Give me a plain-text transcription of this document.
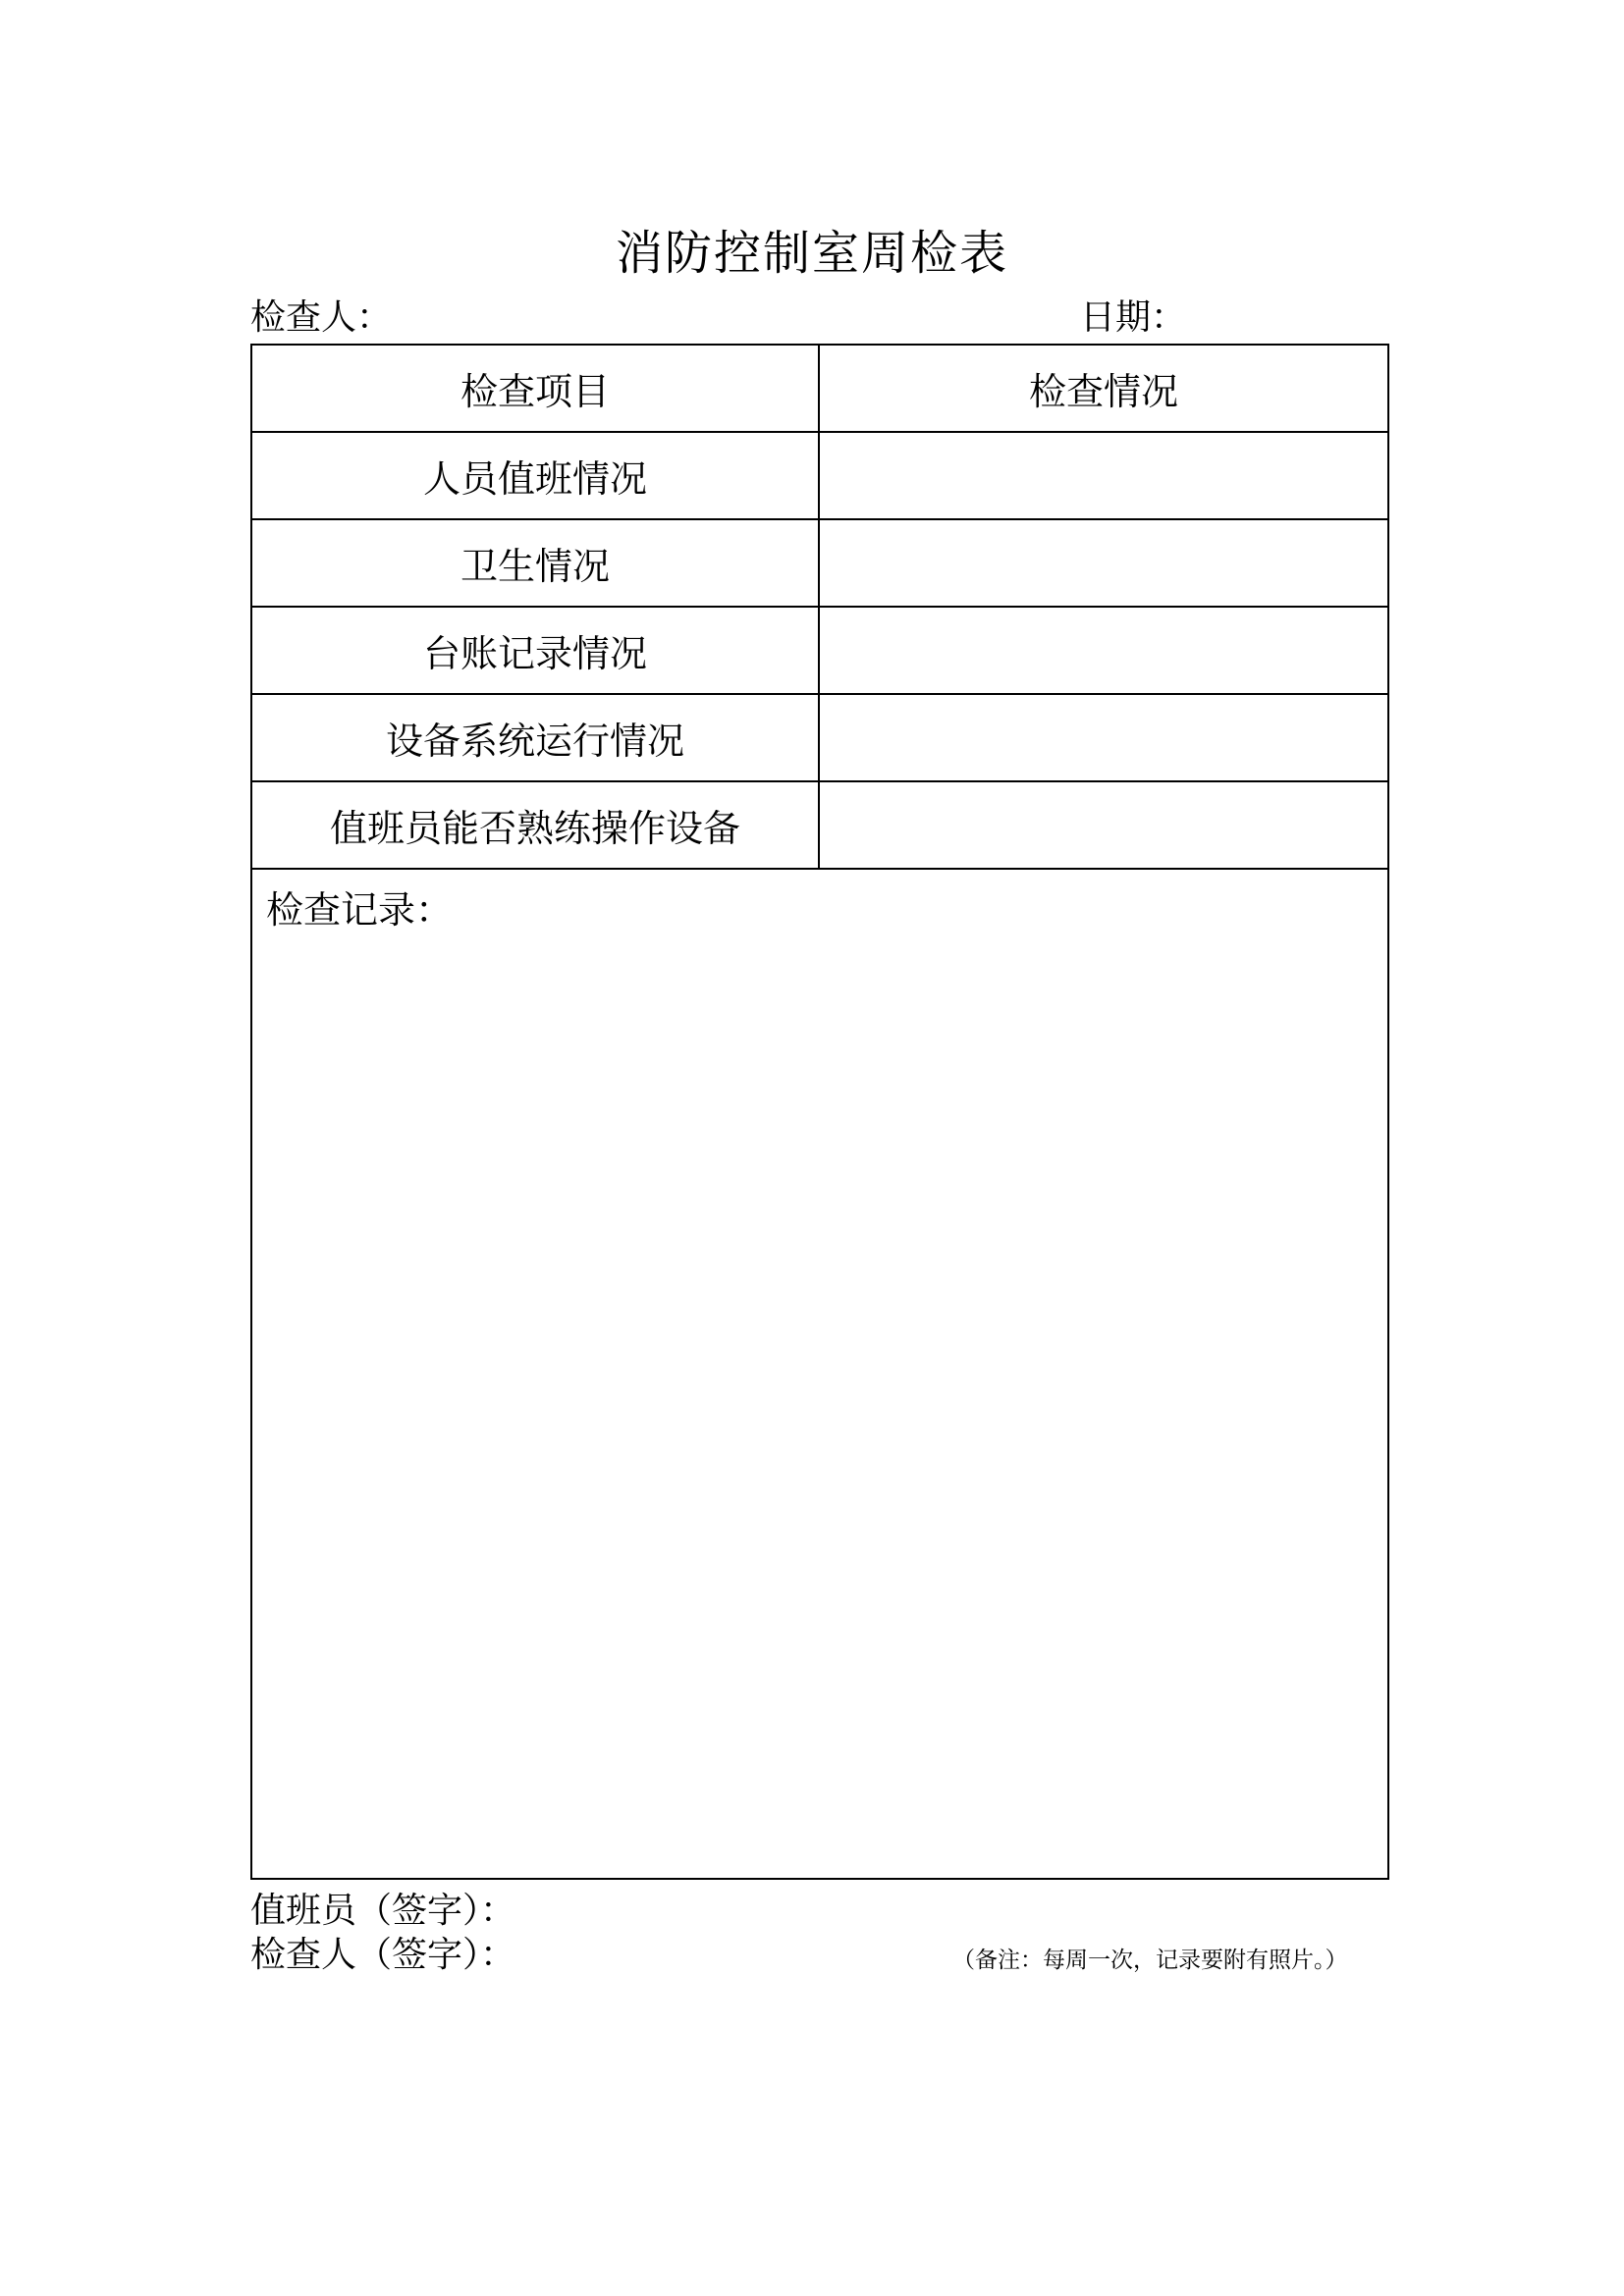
消防控制室周检表
检查人：	日期：
检查项目	检查情况
人员值班情况	
卫生情况	
台账记录情况	
设备系统运行情况	
值班员能否熟练操作设备	

检查记录：	
值班员（签字）：
检查人（签字）：	（备注：每周一次，记录要附有照片。）
